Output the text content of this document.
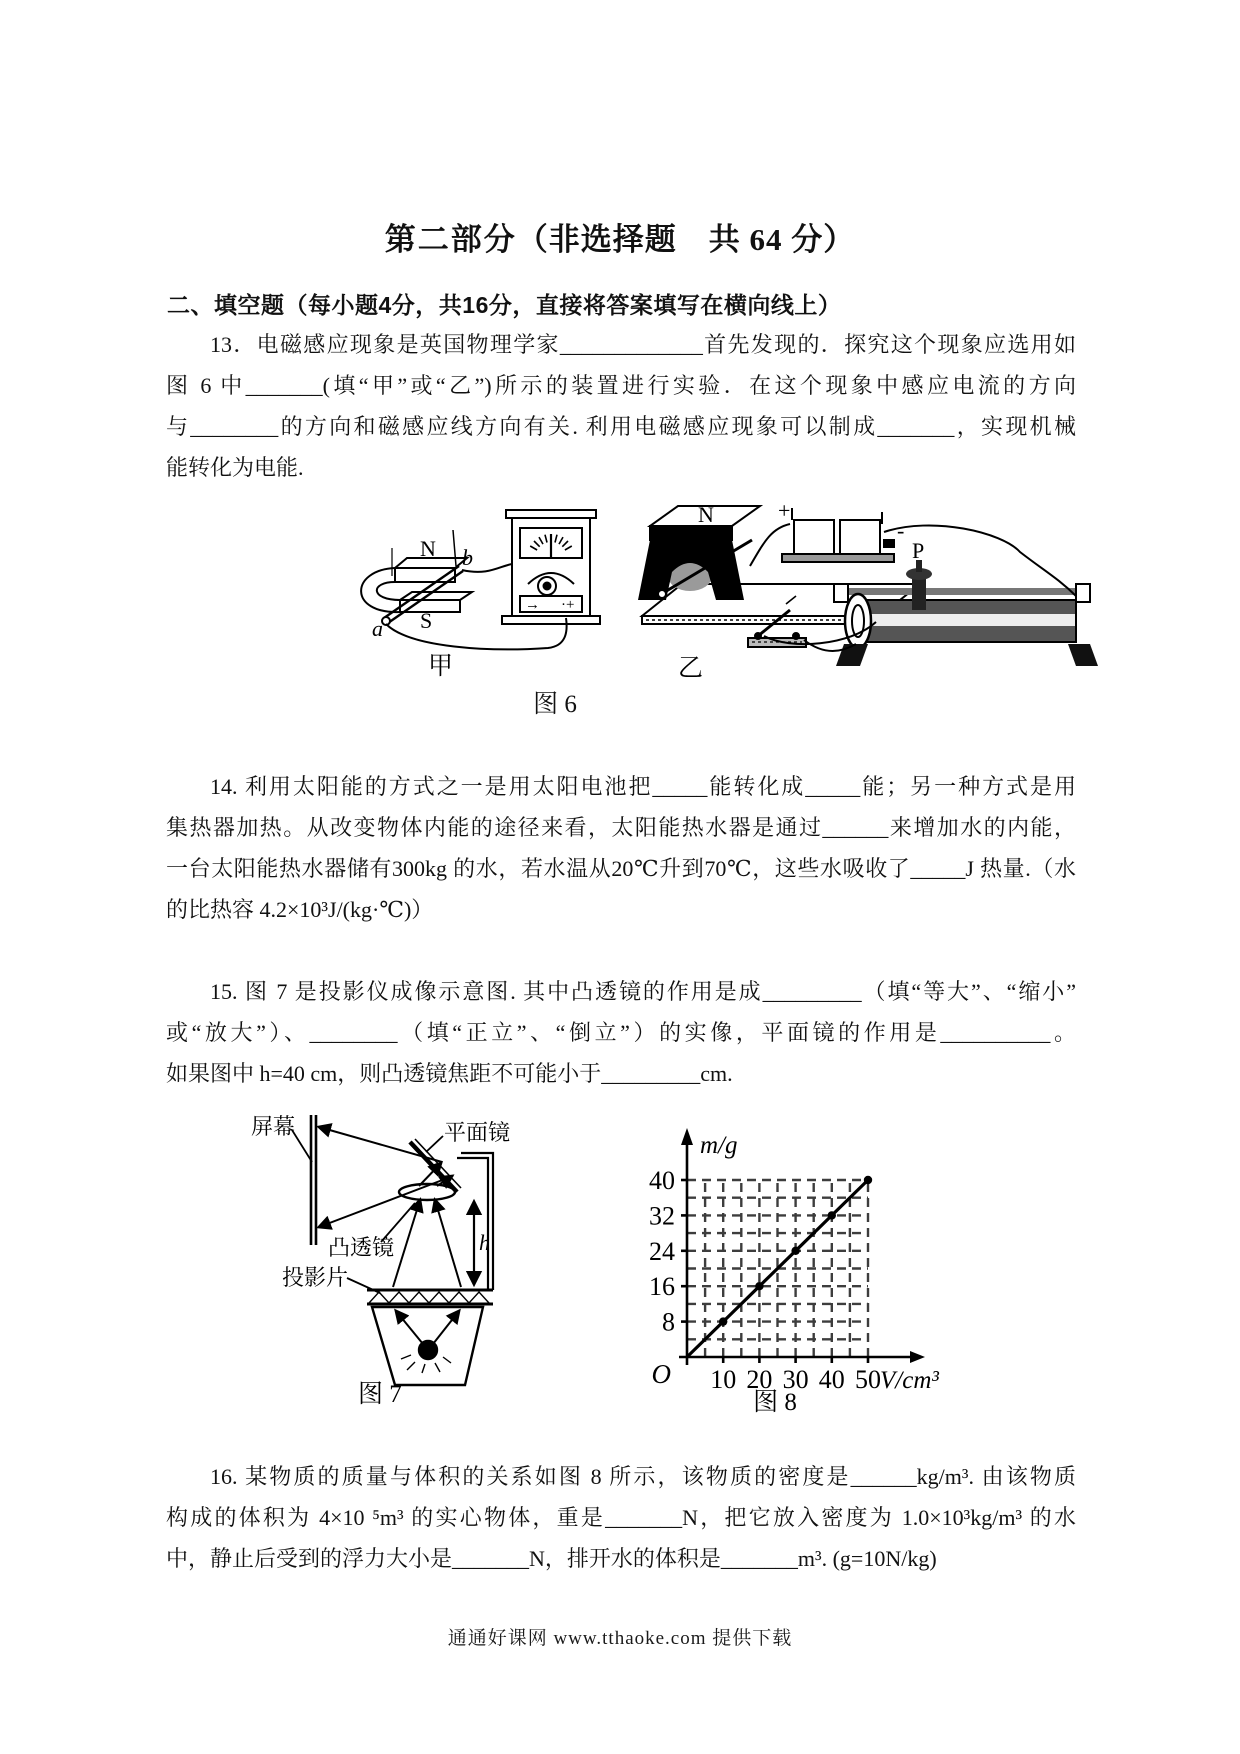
第二部分（非选择题　共 64 分）
二、填空题（每小题4分，共16分，直接将答案填写在横向线上）
13．电磁感应现象是英国物理学家_____________首先发现的．探究这个现象应选用如
图 6 中_______(填“甲”或“乙”)所示的装置进行实验．在这个现象中感应电流的方向
与________的方向和磁感应线方向有关. 利用电磁感应现象可以制成_______，实现机械
能转化为电能.
N
S
a
b
→ ·+
甲
N	+
-
P
乙
图 6
14. 利用太阳能的方式之一是用太阳电池把_____能转化成_____能；另一种方式是用
集热器加热。从改变物体内能的途径来看，太阳能热水器是通过______来增加水的内能，
一台太阳能热水器储有300kg 的水，若水温从20℃升到70℃，这些水吸收了_____J 热量.（水
的比热容 4.2×10³J/(kg·℃)）
15. 图 7 是投影仪成像示意图. 其中凸透镜的作用是成_________（填“等大”、“缩小”
或“放大”）、________（填“正立”、“倒立”）的实像，平面镜的作用是__________。
如果图中 h=40 cm，则凸透镜焦距不可能小于_________cm.
屏幕	平面镜
凸透镜
投影片
h
图 7
10 20 30 40 50
8
16
24
32
40
m/g
V/cm³
O
图 8
16. 某物质的质量与体积的关系如图 8 所示，该物质的密度是______kg/m³. 由该物质
构成的体积为 4×10 ⁵m³ 的实心物体，重是_______N，把它放入密度为 1.0×10³kg/m³ 的水
中，静止后受到的浮力大小是_______N，排开水的体积是_______m³. (g=10N/kg)
通通好课网 www.tthaoke.com 提供下载
